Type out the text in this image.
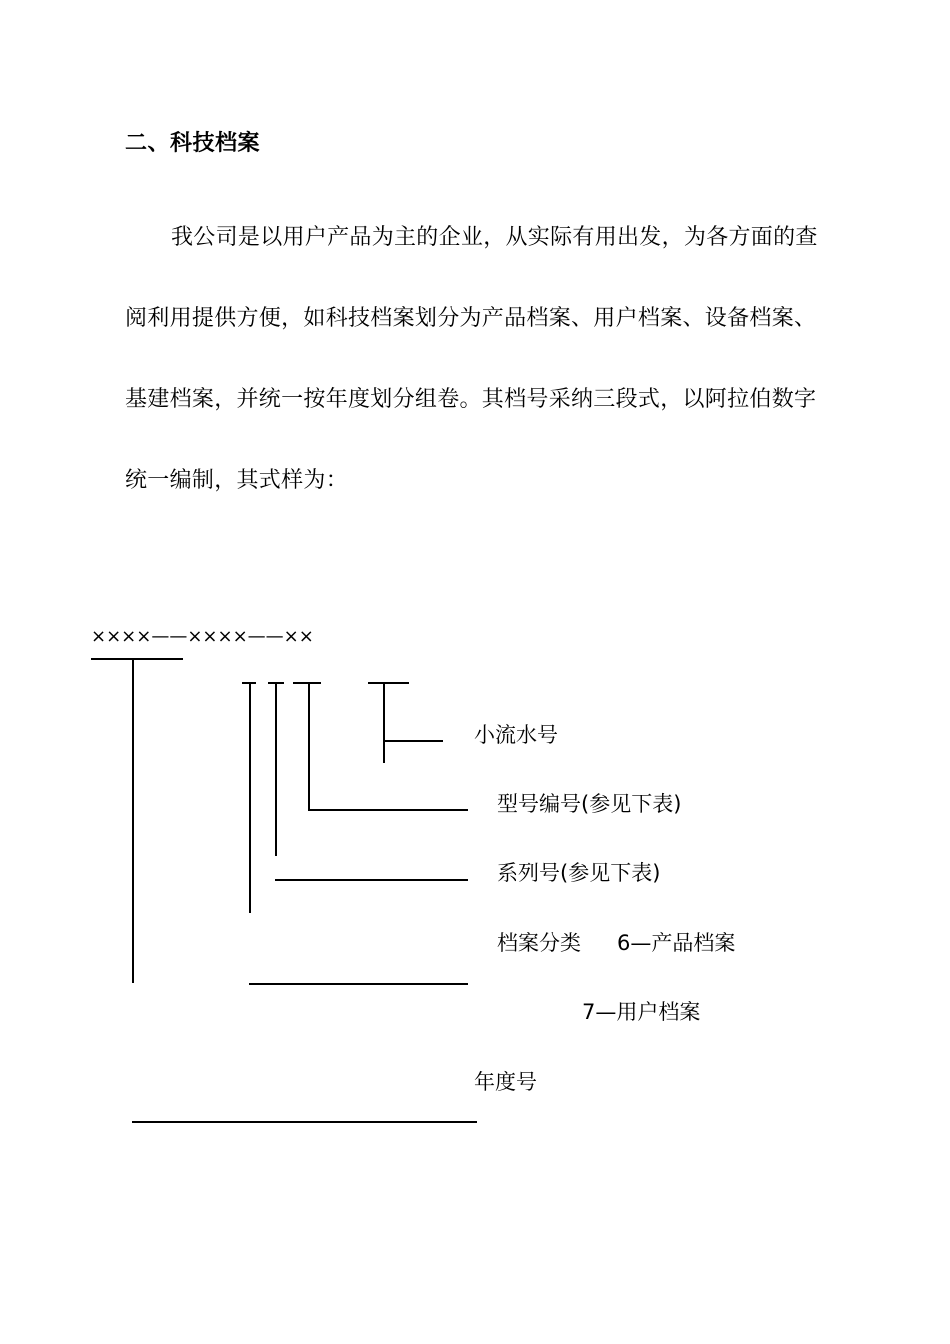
二、科技档案
我公司是以用户产品为主的企业，从实际有用出发，为各方面的查
阅利用提供方便，如科技档案划分为产品档案、用户档案、设备档案、
基建档案，并统一按年度划分组卷。其档号采纳三段式，以阿拉伯数字
统一编制，其式样为：
××××——××××——××
小流水号
型号编号(参见下表)
系列号(参见下表)
档案分类 6—产品档案
7—用户档案
年度号
